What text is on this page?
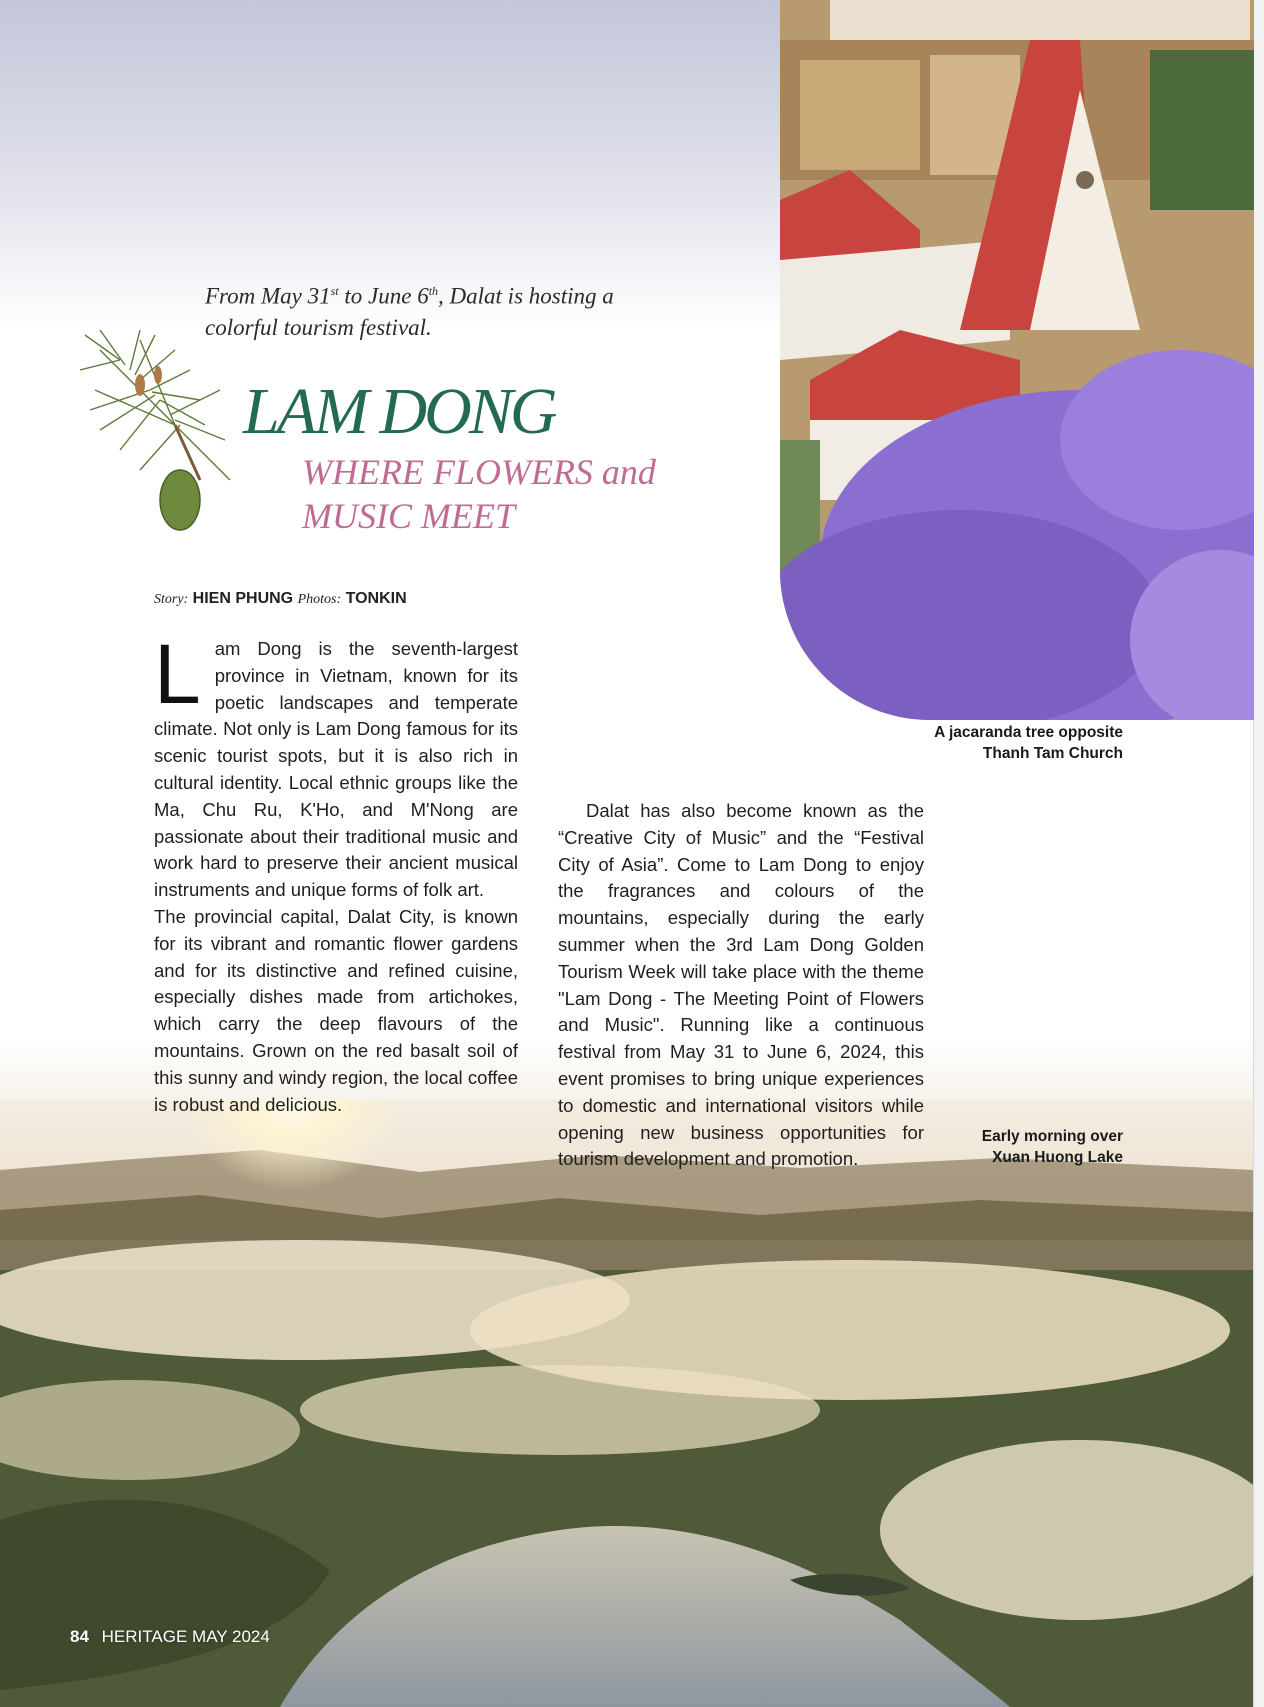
From May 31st to June 6th, Dalat is hosting a
colorful tourism festival.
LAM DONG
WHERE FLOWERS and
MUSIC MEET
Story: HIEN PHUNG Photos: TONKIN

Lam Dong is the seventh-largest province in Vietnam, known for its poetic landscapes and temperate climate. Not only is Lam Dong famous for its scenic tourist spots, but it is also rich in cultural identity. Local ethnic groups like the Ma, Chu Ru, K'Ho, and M'Nong are passionate about their traditional music and work hard to preserve their ancient musical instruments and unique forms of folk art.

The provincial capital, Dalat City, is known for its vibrant and romantic flower gardens and for its distinctive and refined cuisine, especially dishes made from artichokes, which carry the deep flavours of the mountains. Grown on the red basalt soil of this sunny and windy region, the local coffee is robust and delicious.

Dalat has also become known as the “Creative City of Music” and the “Festival City of Asia”. Come to Lam Dong to enjoy the fragrances and colours of the mountains, especially during the early summer when the 3rd Lam Dong Golden Tourism Week will take place with the theme "Lam Dong - The Meeting Point of Flowers and Music". Running like a continuous festival from May 31 to June 6, 2024, this event promises to bring unique experiences to domestic and international visitors while opening new business opportunities for tourism development and promotion.

A jacaranda tree opposite
Thanh Tam Church
Early morning over
Xuan Huong Lake
84 HERITAGE MAY 2024
